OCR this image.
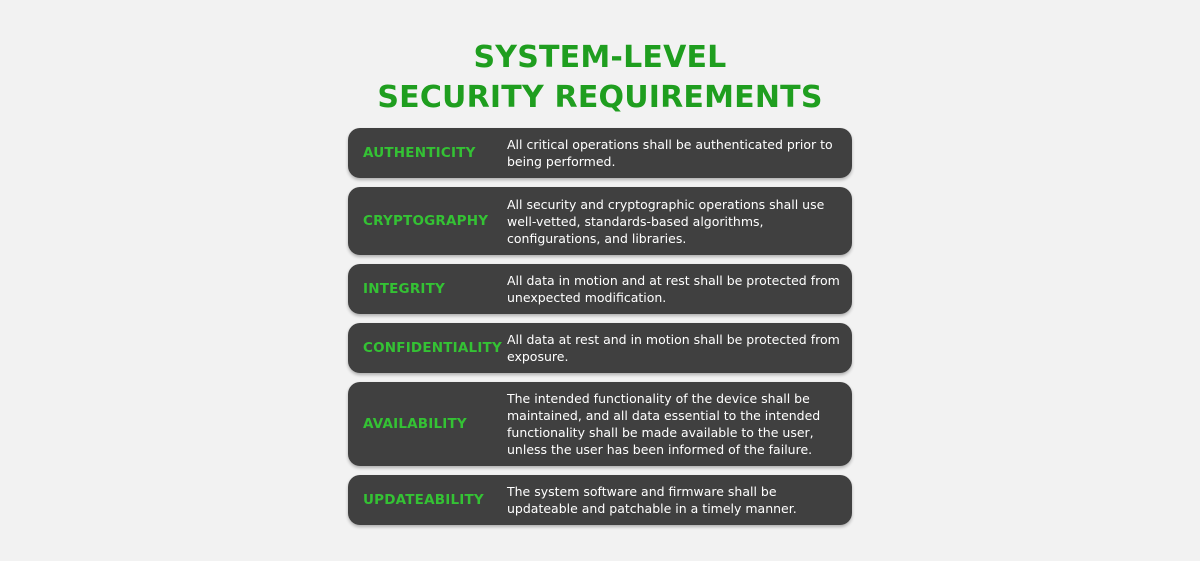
SYSTEM-LEVEL
SECURITY REQUIREMENTS
AUTHENTICITY
All critical operations shall be authenticated prior to being performed.
CRYPTOGRAPHY
All security and cryptographic operations shall use well-vetted, standards-based algorithms, configurations, and libraries.
INTEGRITY
All data in motion and at rest shall be protected from unexpected modification.
CONFIDENTIALITY
All data at rest and in motion shall be protected from exposure.
AVAILABILITY
The intended functionality of the device shall be maintained, and all data essential to the intended functionality shall be made available to the user, unless the user has been informed of the failure.
UPDATEABILITY
The system software and firmware shall be updateable and patchable in a timely manner.
